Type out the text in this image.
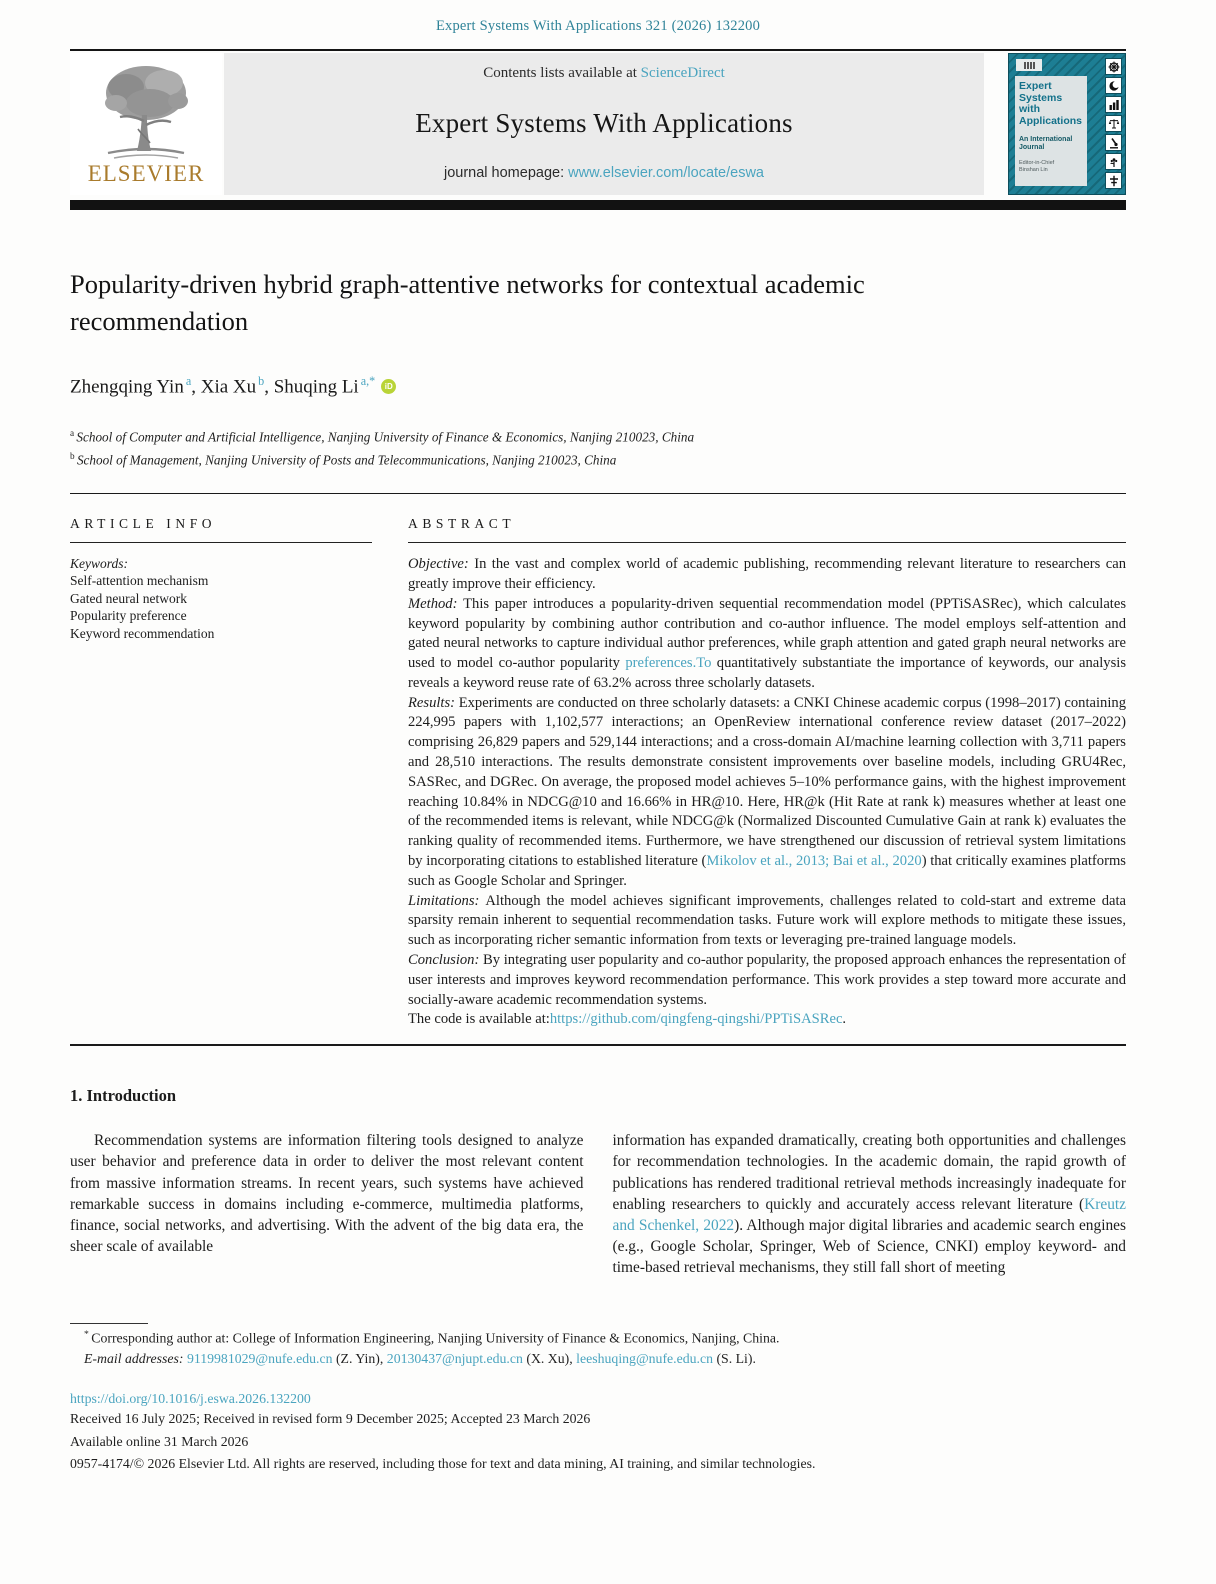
Expert Systems With Applications 321 (2026) 132200
ELSEVIER
Contents lists available at ScienceDirect
Expert Systems With Applications
journal homepage: www.elsevier.com/locate/eswa
Expert
Systems
with
Applications
An International Journal
Editor-in-Chief
Binshan Lin
Popularity-driven hybrid graph-attentive networks for contextual academic recommendation
Zhengqing Yin $^a$, Xia Xu $^b$, Shuqing Li $^{a,*}$	iD
$^a$ School of Computer and Artificial Intelligence, Nanjing University of Finance & Economics, Nanjing 210023, China
$^b$ School of Management, Nanjing University of Posts and Telecommunications, Nanjing 210023, China
ARTICLE INFO
Keywords:
Self-attention mechanism
Gated neural network
Popularity preference
Keyword recommendation
ABSTRACT

Objective: In the vast and complex world of academic publishing, recommending relevant literature to researchers can greatly improve their efficiency.

Method: This paper introduces a popularity-driven sequential recommendation model (PPTiSASRec), which calculates keyword popularity by combining author contribution and co-author influence. The model employs self-attention and gated neural networks to capture individual author preferences, while graph attention and gated graph neural networks are used to model co-author popularity preferences.To quantitatively substantiate the importance of keywords, our analysis reveals a keyword reuse rate of 63.2% across three scholarly datasets.

Results: Experiments are conducted on three scholarly datasets: a CNKI Chinese academic corpus (1998–2017) containing 224,995 papers with 1,102,577 interactions; an OpenReview international conference review dataset (2017–2022) comprising 26,829 papers and 529,144 interactions; and a cross-domain AI/machine learning collection with 3,711 papers and 28,510 interactions. The results demonstrate consistent improvements over baseline models, including GRU4Rec, SASRec, and DGRec. On average, the proposed model achieves 5–10% performance gains, with the highest improvement reaching 10.84% in NDCG@10 and 16.66% in HR@10. Here, HR@k (Hit Rate at rank k) measures whether at least one of the recommended items is relevant, while NDCG@k (Normalized Discounted Cumulative Gain at rank k) evaluates the ranking quality of recommended items. Furthermore, we have strengthened our discussion of retrieval system limitations by incorporating citations to established literature (Mikolov et al., 2013; Bai et al., 2020) that critically examines platforms such as Google Scholar and Springer.

Limitations: Although the model achieves significant improvements, challenges related to cold-start and extreme data sparsity remain inherent to sequential recommendation tasks. Future work will explore methods to mitigate these issues, such as incorporating richer semantic information from texts or leveraging pre-trained language models.

Conclusion: By integrating user popularity and co-author popularity, the proposed approach enhances the representation of user interests and improves keyword recommendation performance. This work provides a step toward more accurate and socially-aware academic recommendation systems.

The code is available at:https://github.com/qingfeng-qingshi/PPTiSASRec.

1. Introduction
Recommendation systems are information filtering tools designed to analyze user behavior and preference data in order to deliver the most relevant content from massive information streams. In recent years, such systems have achieved remarkable success in domains including e-commerce, multimedia platforms, finance, social networks, and advertising. With the advent of the big data era, the sheer scale of available
information has expanded dramatically, creating both opportunities and challenges for recommendation technologies. In the academic domain, the rapid growth of publications has rendered traditional retrieval methods increasingly inadequate for enabling researchers to quickly and accurately access relevant literature (Kreutz and Schenkel, 2022). Although major digital libraries and academic search engines (e.g., Google Scholar, Springer, Web of Science, CNKI) employ keyword- and time-based retrieval mechanisms, they still fall short of meeting
* Corresponding author at: College of Information Engineering, Nanjing University of Finance & Economics, Nanjing, China.
E-mail addresses: 9119981029@nufe.edu.cn (Z. Yin), 20130437@njupt.edu.cn (X. Xu), leeshuqing@nufe.edu.cn (S. Li).
https://doi.org/10.1016/j.eswa.2026.132200
Received 16 July 2025; Received in revised form 9 December 2025; Accepted 23 March 2026
Available online 31 March 2026
0957-4174/© 2026 Elsevier Ltd. All rights are reserved, including those for text and data mining, AI training, and similar technologies.
